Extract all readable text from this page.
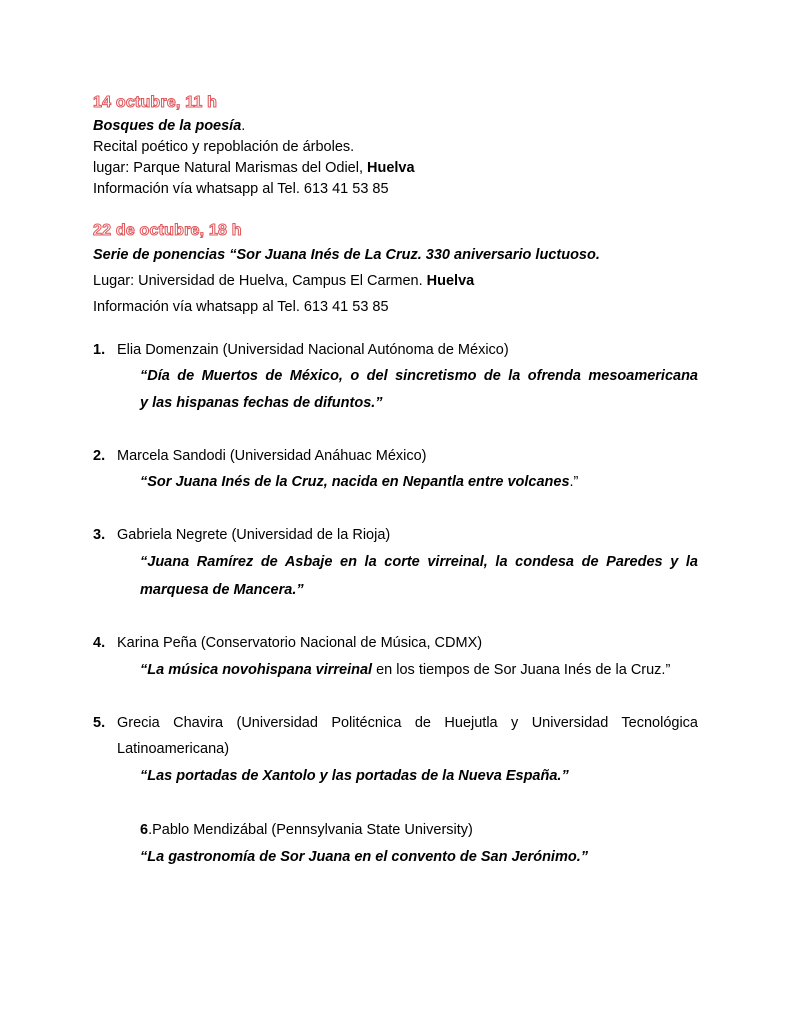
14 octubre, 11 h
Bosques de la poesía.
Recital poético y repoblación de árboles.
lugar: Parque Natural Marismas del Odiel, Huelva
Información vía whatsapp al Tel. 613 41 53 85
22 de octubre, 18 h
Serie de ponencias “Sor Juana Inés de La Cruz. 330 aniversario luctuoso.
Lugar: Universidad de Huelva, Campus El Carmen. Huelva
Información vía whatsapp al Tel. 613 41 53 85
1. Elia Domenzain (Universidad Nacional Autónoma de México)
“Día de Muertos de México, o del sincretismo de la ofrenda mesoamericana
y las hispanas fechas de difuntos.”
2. Marcela Sandodi (Universidad Anáhuac México)
“Sor Juana Inés de la Cruz, nacida en Nepantla entre volcanes.”
3. Gabriela Negrete (Universidad de la Rioja)
“Juana Ramírez de Asbaje en la corte virreinal, la condesa de Paredes y la
marquesa de Mancera.”
4. Karina Peña (Conservatorio Nacional de Música, CDMX)
“La música novohispana virreinal en los tiempos de Sor Juana Inés de la Cruz.”
5. Grecia Chavira (Universidad Politécnica de Huejutla y Universidad Tecnológica
Latinoamericana)
“Las portadas de Xantolo y las portadas de la Nueva España.”
6.Pablo Mendizábal (Pennsylvania State University)
“La gastronomía de Sor Juana en el convento de San Jerónimo.”
